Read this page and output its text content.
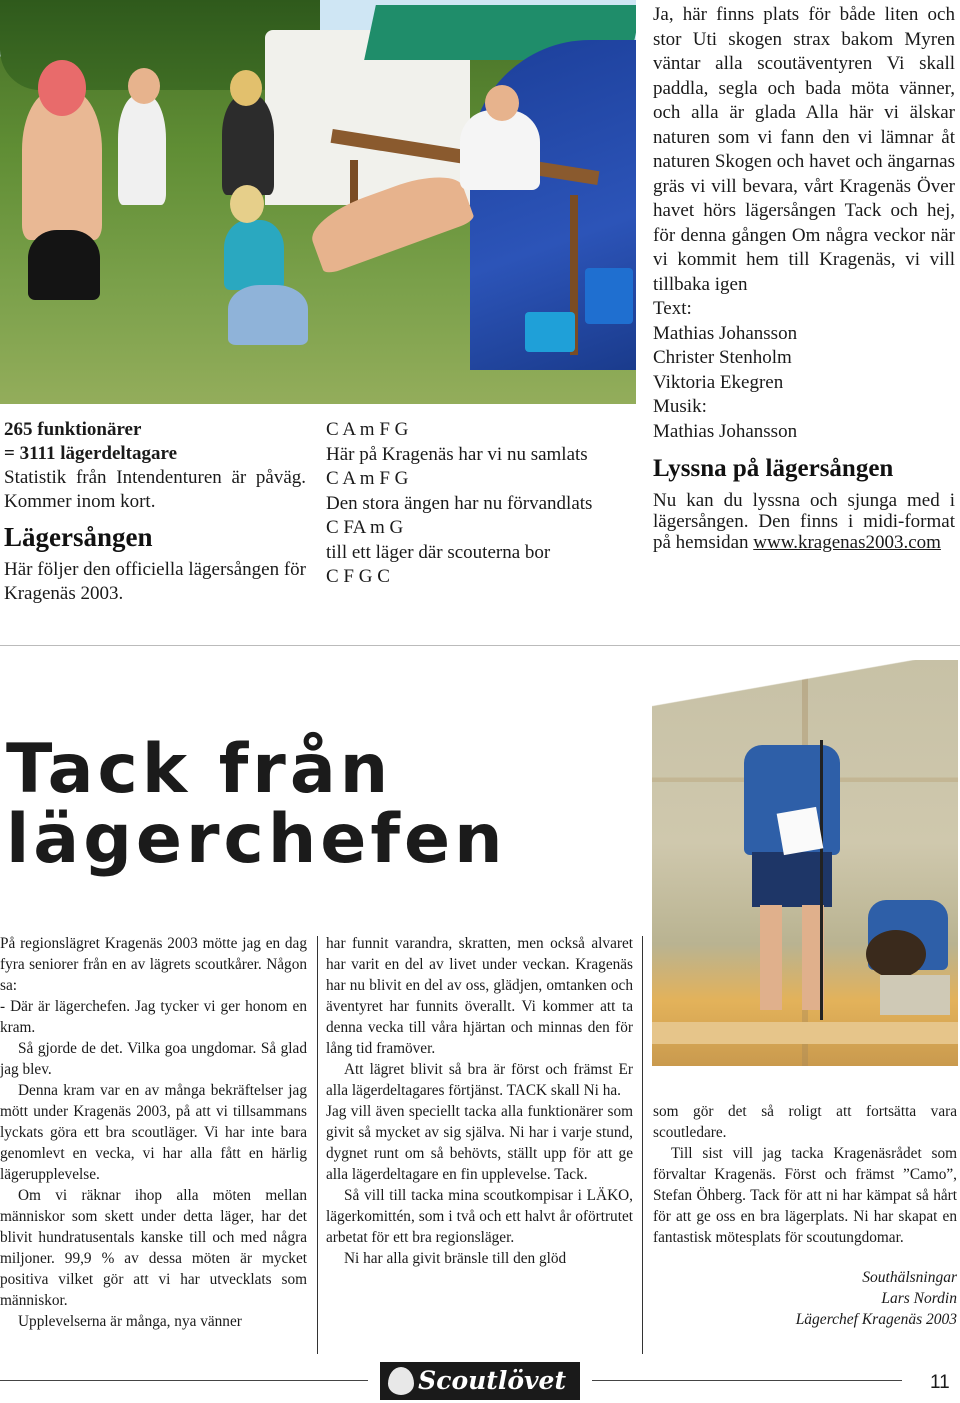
265 funktionärer
= 3111 lägerdeltagare
Statistik från Intendenturen är påväg. Kommer inom kort.
Lägersången
Här följer den officiella lägersången för Kragenäs 2003.
C A m F G
Här på Kragenäs har vi nu samlats
C A m F G
Den stora ängen har nu förvandlats
C FA m G
till ett läger där scouterna bor
C F G C
Ja, här finns plats för både liten och stor Uti skogen strax bakom Myren väntar alla scoutäventyren Vi skall paddla, segla och bada möta vänner, och alla är glada Alla här vi älskar naturen som vi fann den vi lämnar åt naturen Skogen och havet och ängarnas gräs vi vill bevara, vårt Kragenäs Över havet hörs lägersången Tack och hej, för denna gången Om några veckor när vi kommit hem till Kragenäs, vi vill tillbaka igen
Text:
Mathias Johansson
Christer Stenholm
Viktoria Ekegren
Musik:
Mathias Johansson
Lyssna på lägersången
Nu kan du lyssna och sjunga med i lägersången. Den finns i midi-format på hemsidan www.kragenas2003.com
Tack från
lägerchefen

På regionslägret Kragenäs 2003 mötte jag en dag fyra seniorer från en av lägrets scoutkårer. Någon sa:

- Där är lägerchefen. Jag tycker vi ger honom en kram.

Så gjorde de det. Vilka goa ungdomar. Så glad jag blev.

Denna kram var en av många bekräftelser jag mött under Kragenäs 2003, på att vi tillsammans lyckats göra ett bra scoutläger. Vi har inte bara genomlevt en vecka, vi har alla fått en härlig lägerupplevelse.

Om vi räknar ihop alla möten mellan människor som skett under detta läger, har det blivit hundratusentals kanske till och med några miljoner. 99,9 % av dessa möten är mycket positiva vilket gör att vi har utvecklats som människor.

Upplevelserna är många, nya vänner

har funnit varandra, skratten, men också alvaret har varit en del av livet under veckan. Kragenäs har nu blivit en del av oss, glädjen, omtanken och äventyret har funnits överallt. Vi kommer att ta denna vecka till våra hjärtan och minnas den för lång tid framöver.

Att lägret blivit så bra är först och främst Er alla lägerdeltagares förtjänst. TACK skall Ni ha.

Jag vill även speciellt tacka alla funktionärer som givit så mycket av sig själva. Ni har i varje stund, dygnet runt om så behövts, ställt upp för att ge alla lägerdeltagare en fin upplevelse. Tack.

Så vill till tacka mina scoutkompisar i LÄKO, lägerkomittén, som i två och ett halvt år oförtrutet arbetat för ett bra regionsläger.

Ni har alla givit bränsle till den glöd

som gör det så roligt att fortsätta vara scoutledare.

Till sist vill jag tacka Kragenäsrådet som förvaltar Kragenäs. Först och främst ”Camo”, Stefan Öhberg. Tack för att ni har kämpat så hårt för att ge oss en bra lägerplats. Ni har skapat en fantastisk mötesplats för scoutungdomar.

Southälsningar
Lars Nordin
Lägerchef Kragenäs 2003
Scoutlövet	11
